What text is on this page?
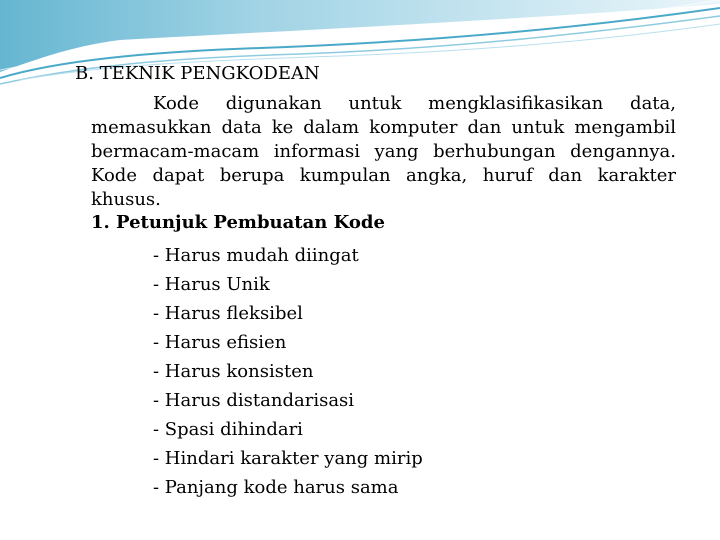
B. TEKNIK PENGKODEAN
Kode digunakan untuk mengklasifikasikan data, memasukkan data ke dalam komputer dan untuk mengambil bermacam-macam informasi yang berhubungan dengannya. Kode dapat berupa kumpulan angka, huruf dan karakter khusus.
1. Petunjuk Pembuatan Kode
- Harus mudah diingat
- Harus Unik
- Harus fleksibel
- Harus efisien
- Harus konsisten
- Harus distandarisasi
- Spasi dihindari
- Hindari karakter yang mirip
- Panjang kode harus sama
